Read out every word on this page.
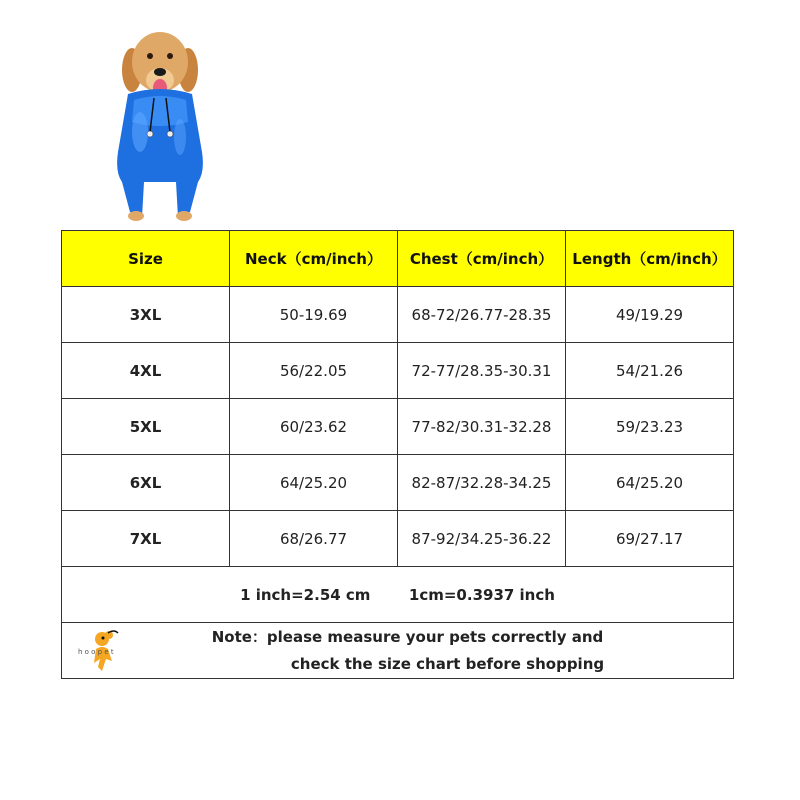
Size	Neck（cm/inch）	Chest（cm/inch）	Length（cm/inch）
3XL	50-19.69	68-72/26.77-28.35	49/19.29
4XL	56/22.05	72-77/28.35-30.31	54/21.26
5XL	60/23.62	77-82/30.31-32.28	59/23.23
6XL	64/25.20	82-87/32.28-34.25	64/25.20
7XL	68/26.77	87-92/34.25-36.22	69/27.17
1 inch=2.54 cm 1cm=0.3937 inch			

h o o p e t
Note：please measure your pets correctly and
check the size chart before shopping			
